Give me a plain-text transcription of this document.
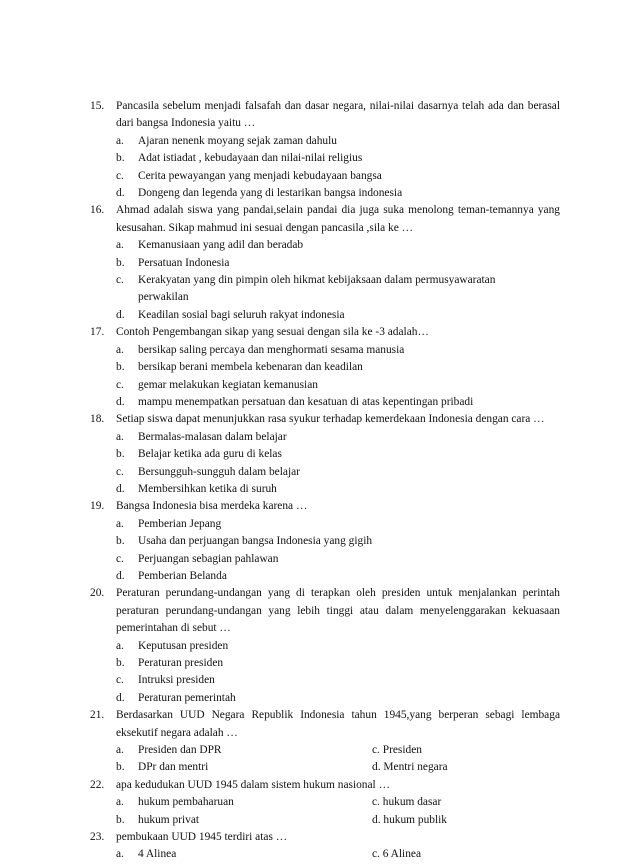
15. Pancasila sebelum menjadi falsafah dan dasar negara, nilai-nilai dasarnya telah ada dan berasal dari bangsa Indonesia yaitu …
a. Ajaran nenenk moyang sejak zaman dahulu
b. Adat istiadat , kebudayaan dan nilai-nilai religius
c. Cerita pewayangan yang menjadi kebudayaan bangsa
d. Dongeng dan legenda yang di lestarikan bangsa indonesia
16. Ahmad adalah siswa yang pandai,selain pandai dia juga suka menolong teman-temannya yang kesusahan. Sikap mahmud ini sesuai dengan pancasila ,sila ke …
a. Kemanusiaan yang adil dan beradab
b. Persatuan Indonesia
c. Kerakyatan yang din pimpin oleh hikmat kebijaksaan dalam permusyawaratan perwakilan
d. Keadilan sosial bagi seluruh rakyat indonesia
17. Contoh Pengembangan sikap yang sesuai dengan sila ke -3 adalah…
a. bersikap saling percaya dan menghormati sesama manusia
b. bersikap berani membela kebenaran dan keadilan
c. gemar melakukan kegiatan kemanusian
d. mampu menempatkan persatuan dan kesatuan di atas kepentingan pribadi
18. Setiap siswa dapat menunjukkan rasa syukur terhadap kemerdekaan Indonesia dengan cara …
a. Bermalas-malasan dalam belajar
b. Belajar ketika ada guru di kelas
c. Bersungguh-sungguh dalam belajar
d. Membersihkan ketika di suruh
19. Bangsa Indonesia bisa merdeka karena …
a. Pemberian Jepang
b. Usaha dan perjuangan bangsa Indonesia yang gigih
c. Perjuangan sebagian pahlawan
d. Pemberian Belanda
20. Peraturan perundang-undangan yang di terapkan oleh presiden untuk menjalankan perintah peraturan perundang-undangan yang lebih tinggi atau dalam menyelenggarakan kekuasaan pemerintahan di sebut …
a. Keputusan presiden
b. Peraturan presiden
c. Intruksi presiden
d. Peraturan pemerintah
21. Berdasarkan UUD Negara Republik Indonesia tahun 1945,yang berperan sebagi lembaga eksekutif negara adalah …
a. Presiden dan DPR	c. Presiden
b. DPr dan mentri	d. Mentri negara
22. apa kedudukan UUD 1945 dalam sistem hukum nasional …
a. hukum pembaharuan	c. hukum dasar
b. hukum privat	d. hukum publik
23. pembukaan UUD 1945 terdiri atas …
a. 4 Alinea	c. 6 Alinea
